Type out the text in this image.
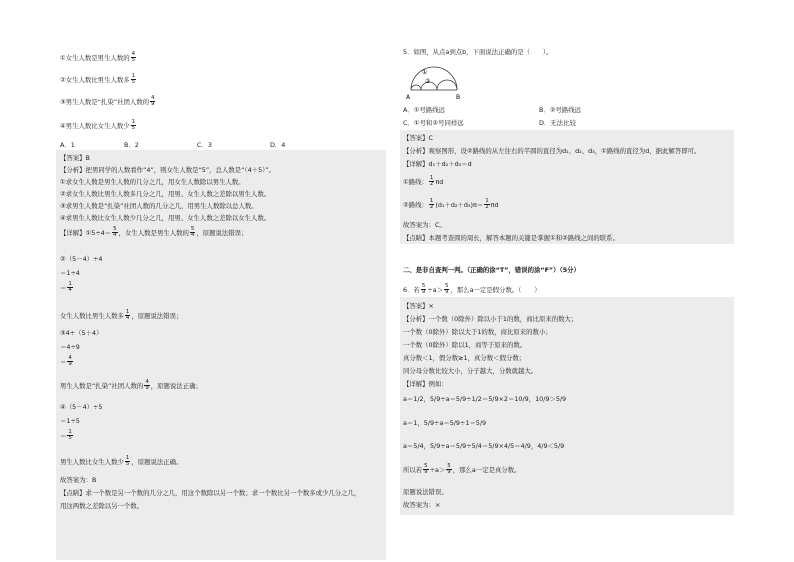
①女生人数是男生人数的 $\frac{4}{5}$
②女生人数比男生人数多 $\frac{1}{5}$
③男生人数是“扎染”社团人数的 $\frac{4}{9}$
④男生人数比女生人数少 $\frac{1}{5}$
A．1	B．2	C．3	D．4
【答案】B
【分析】把男同学的人数看作“4”，则女生人数是“5”，总人数是“（4＋5）”。
①求女生人数是男生人数的几分之几，用女生人数除以男生人数。
②求女生人数比男生人数多几分之几，用男、女生人数之差除以男生人数。
③求男生人数是“扎染”社团人数的几分之几，用男生人数除以总人数。
④求男生人数比女生人数少几分之几，用男、女生人数之差除以女生人数。
【详解】①5÷4＝ $\frac{5}{4}$ ，女生人数是男生人数的 $\frac{5}{4}$ ，原题说法错误；
②（5－4）÷4
＝1÷4
＝ $\frac{1}{4}$
女生人数比男生人数多 $\frac{1}{4}$ ，原题说法错误；
③4÷（5＋4）
＝4÷9
＝ $\frac{4}{9}$
男生人数是“扎染”社团人数的 $\frac{4}{9}$ ，原题说法正确；
④（5－4）÷5
＝1÷5
＝ $\frac{1}{5}$
男生人数比女生人数少 $\frac{1}{5}$ ，原题说法正确。
故答案为：B
【点睛】求一个数是另一个数的几分之几，用这个数除以另一个数；求一个数比另一个数多或少几分之几，
用这两数之差除以另一个数。
5．如图，从点a到点b，下面说法正确的是（　　）。
②
①
A	B
A．①号路线远	B．②号路线远
C．①号和②号同样远	D．无法比较
【答案】C
【分析】观察图形，设②路线的从左往右的半圆的直径为d₁、d₂、d₃，①路线的直径为d，据此解答即可。
【详解】d₁＋d₂＋d₃＝d
①路线： $\frac{1}{2}$ πd
②路线： $\frac{1}{2} (d_1+d_2+d_3)\pi= \frac{1}{2}$ πd
故答案为：C。
【点睛】本题考查圆的周长，解答本题的关键是掌握①和②路线之间的联系。
二、是非自查判一判。（正确的涂“T”，错误的涂“F”）（5分）
6．若 $\frac{5}{9} \div a> \frac{5}{9}$ ，那么a一定是假分数。（　　）
【答案】×
【分析】一个数（0除外）除以小于1的数，商比原来的数大；
一个数（0除外）除以大于1的数，商比原来的数小；
一个数（0除外）除以1，商等于原来的数。
真分数＜1，假分数≥1，真分数＜假分数；
同分母分数比较大小，分子越大，分数就越大。
【详解】例如：
a＝1/2，5/9÷a＝5/9÷1/2＝5/9×2＝10/9，10/9＞5/9
a＝1，5/9÷a＝5/9÷1＝5/9
a＝5/4，5/9÷a＝5/9÷5/4＝5/9×4/5＝4/9，4/9＜5/9
所以若 $\frac{5}{9} \div a> \frac{5}{9}$ ，那么a一定是真分数。
原题说法错误。
故答案为：×
